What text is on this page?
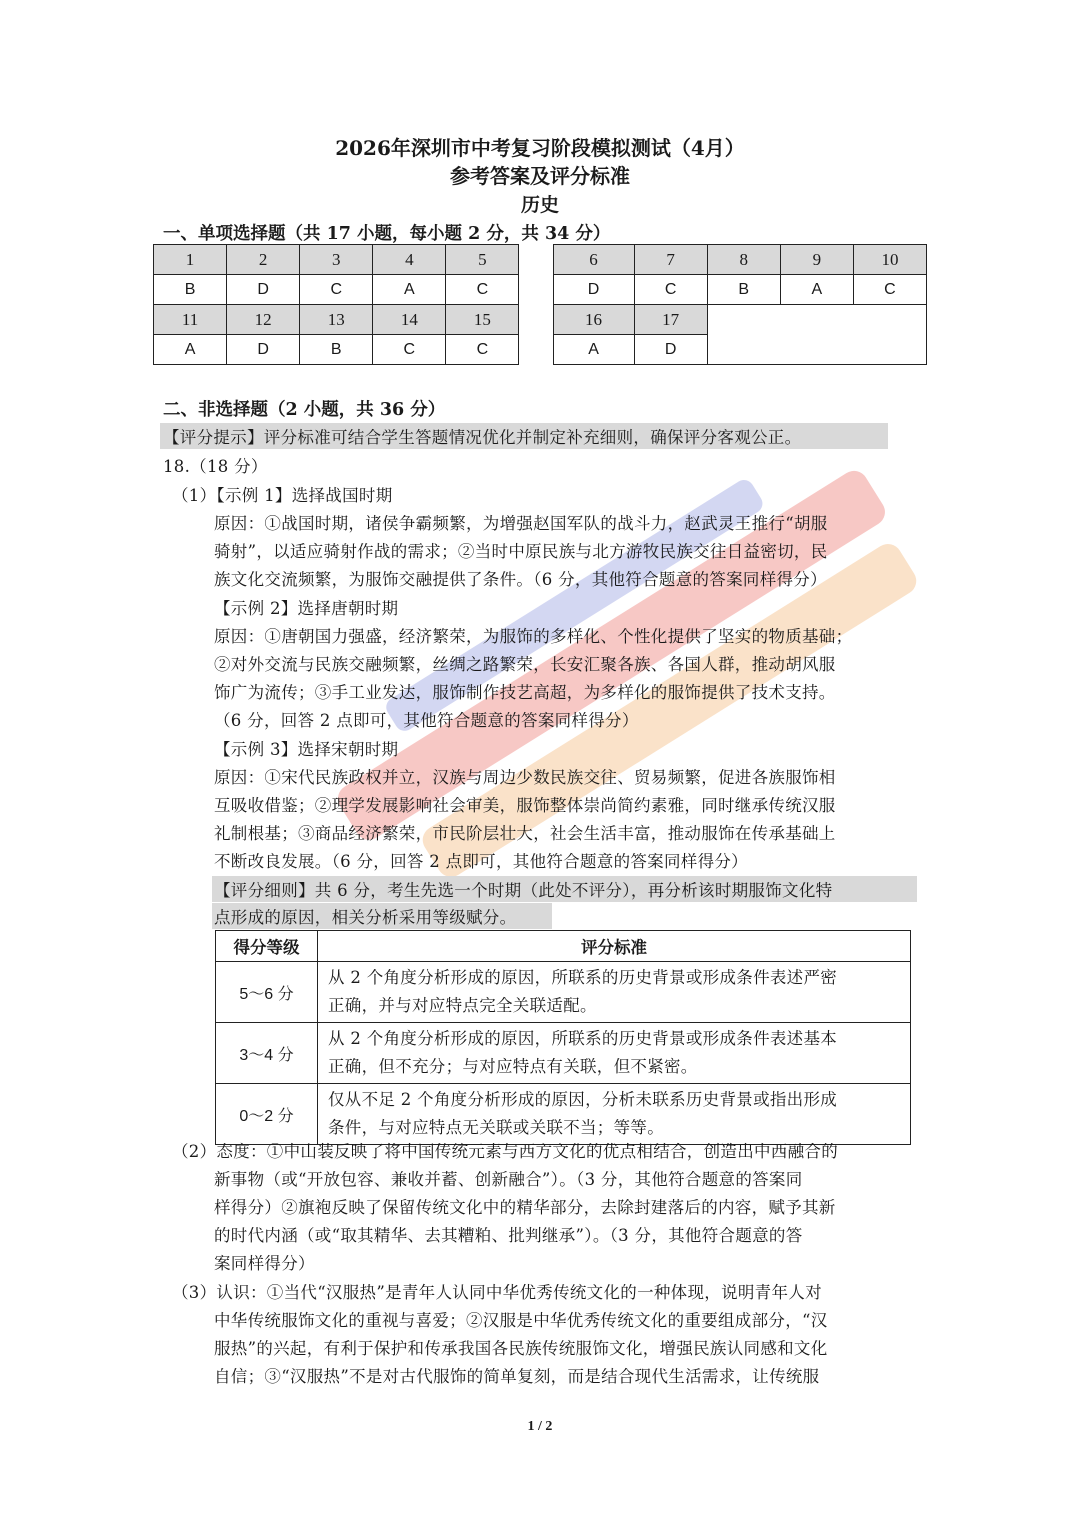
2026年深圳市中考复习阶段模拟测试（4月）
参考答案及评分标准
历史
一、单项选择题（共 17 小题，每小题 2 分，共 34 分）
1	2	3	4	5		6	7	8	9	10
B	D	C	A	C		D	C	B	A	C
11	12	13	14	15		16	17			
A	D	B	C	C		A	D			
二、非选择题（2 小题，共 36 分）
【评分提示】评分标准可结合学生答题情况优化并制定补充细则，确保评分客观公正。
18.（18 分）
（1）【示例 1】选择战国时期
原因：①战国时期，诸侯争霸频繁，为增强赵国军队的战斗力，赵武灵王推行“胡服
骑射”，以适应骑射作战的需求；②当时中原民族与北方游牧民族交往日益密切，民
族文化交流频繁，为服饰交融提供了条件。（6 分，其他符合题意的答案同样得分）
【示例 2】选择唐朝时期
原因：①唐朝国力强盛，经济繁荣，为服饰的多样化、个性化提供了坚实的物质基础；
②对外交流与民族交融频繁，丝绸之路繁荣，长安汇聚各族、各国人群，推动胡风服
饰广为流传；③手工业发达，服饰制作技艺高超，为多样化的服饰提供了技术支持。
（6 分，回答 2 点即可，其他符合题意的答案同样得分）
【示例 3】选择宋朝时期
原因：①宋代民族政权并立，汉族与周边少数民族交往、贸易频繁，促进各族服饰相
互吸收借鉴；②理学发展影响社会审美，服饰整体崇尚简约素雅，同时继承传统汉服
礼制根基；③商品经济繁荣，市民阶层壮大，社会生活丰富，推动服饰在传承基础上
不断改良发展。（6 分，回答 2 点即可，其他符合题意的答案同样得分）
【评分细则】共 6 分，考生先选一个时期（此处不评分），再分析该时期服饰文化特
点形成的原因，相关分析采用等级赋分。
得分等级	评分标准
5～6 分	从 2 个角度分析形成的原因，所联系的历史背景或形成条件表述严密
正确，并与对应特点完全关联适配。

3～4 分	从 2 个角度分析形成的原因，所联系的历史背景或形成条件表述基本
正确，但不充分；与对应特点有关联，但不紧密。

0～2 分	仅从不足 2 个角度分析形成的原因，分析未联系历史背景或指出形成
条件，与对应特点无关联或关联不当；等等。
（2）态度：①中山装反映了将中国传统元素与西方文化的优点相结合，创造出中西融合的
新事物（或“开放包容、兼收并蓄、创新融合”）。（3 分，其他符合题意的答案同
样得分）②旗袍反映了保留传统文化中的精华部分，去除封建落后的内容，赋予其新
的时代内涵（或“取其精华、去其糟粕、批判继承”）。（3 分，其他符合题意的答
案同样得分）
（3）认识：①当代“汉服热”是青年人认同中华优秀传统文化的一种体现，说明青年人对
中华传统服饰文化的重视与喜爱；②汉服是中华优秀传统文化的重要组成部分，“汉
服热”的兴起，有利于保护和传承我国各民族传统服饰文化，增强民族认同感和文化
自信；③“汉服热”不是对古代服饰的简单复刻，而是结合现代生活需求，让传统服
1 / 2
